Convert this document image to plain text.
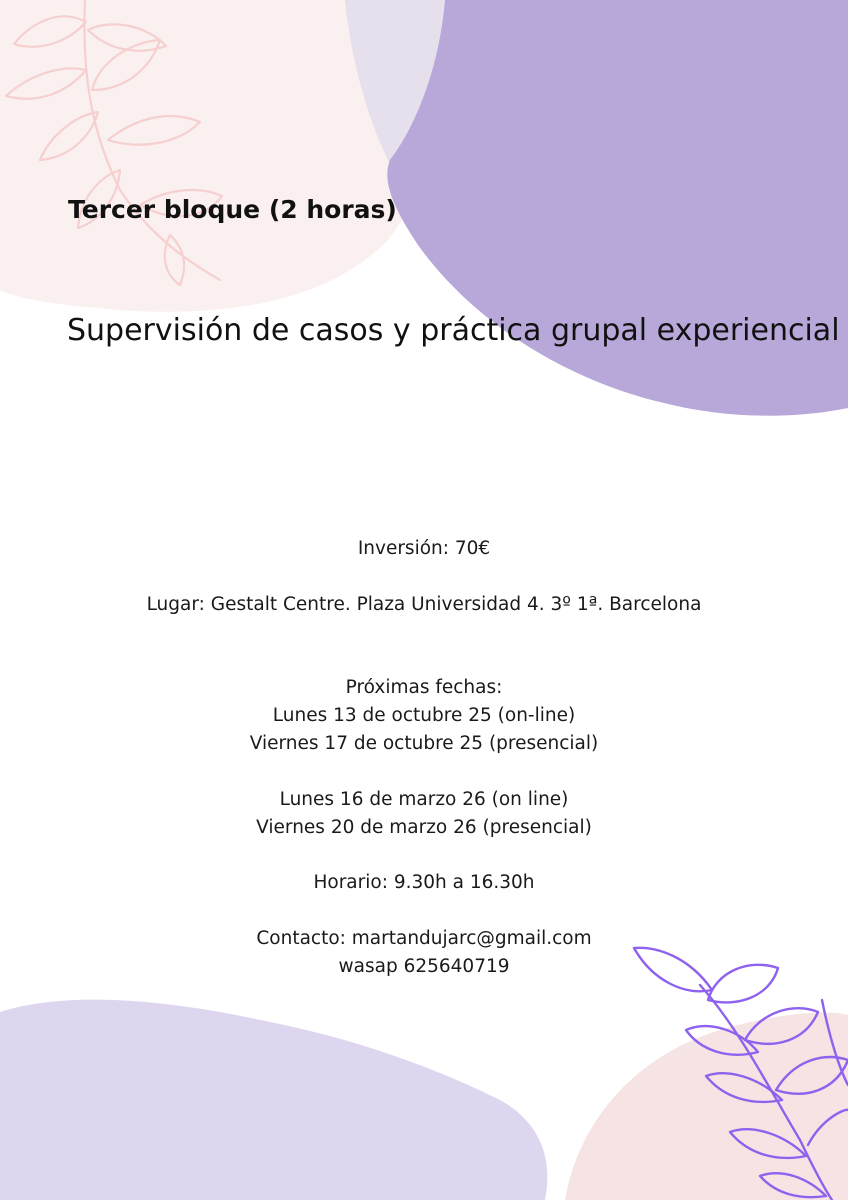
Tercer bloque (2 horas)
Supervisión de casos y práctica grupal experiencial

Inversión: 70€

Lugar: Gestalt Centre. Plaza Universidad 4. 3º 1ª. Barcelona

Próximas fechas:

Lunes 13 de octubre 25 (on-line)

Viernes 17 de octubre 25 (presencial)

Lunes 16 de marzo 26 (on line)

Viernes 20 de marzo 26 (presencial)

Horario: 9.30h a 16.30h

Contacto: martandujarc@gmail.com

wasap 625640719
